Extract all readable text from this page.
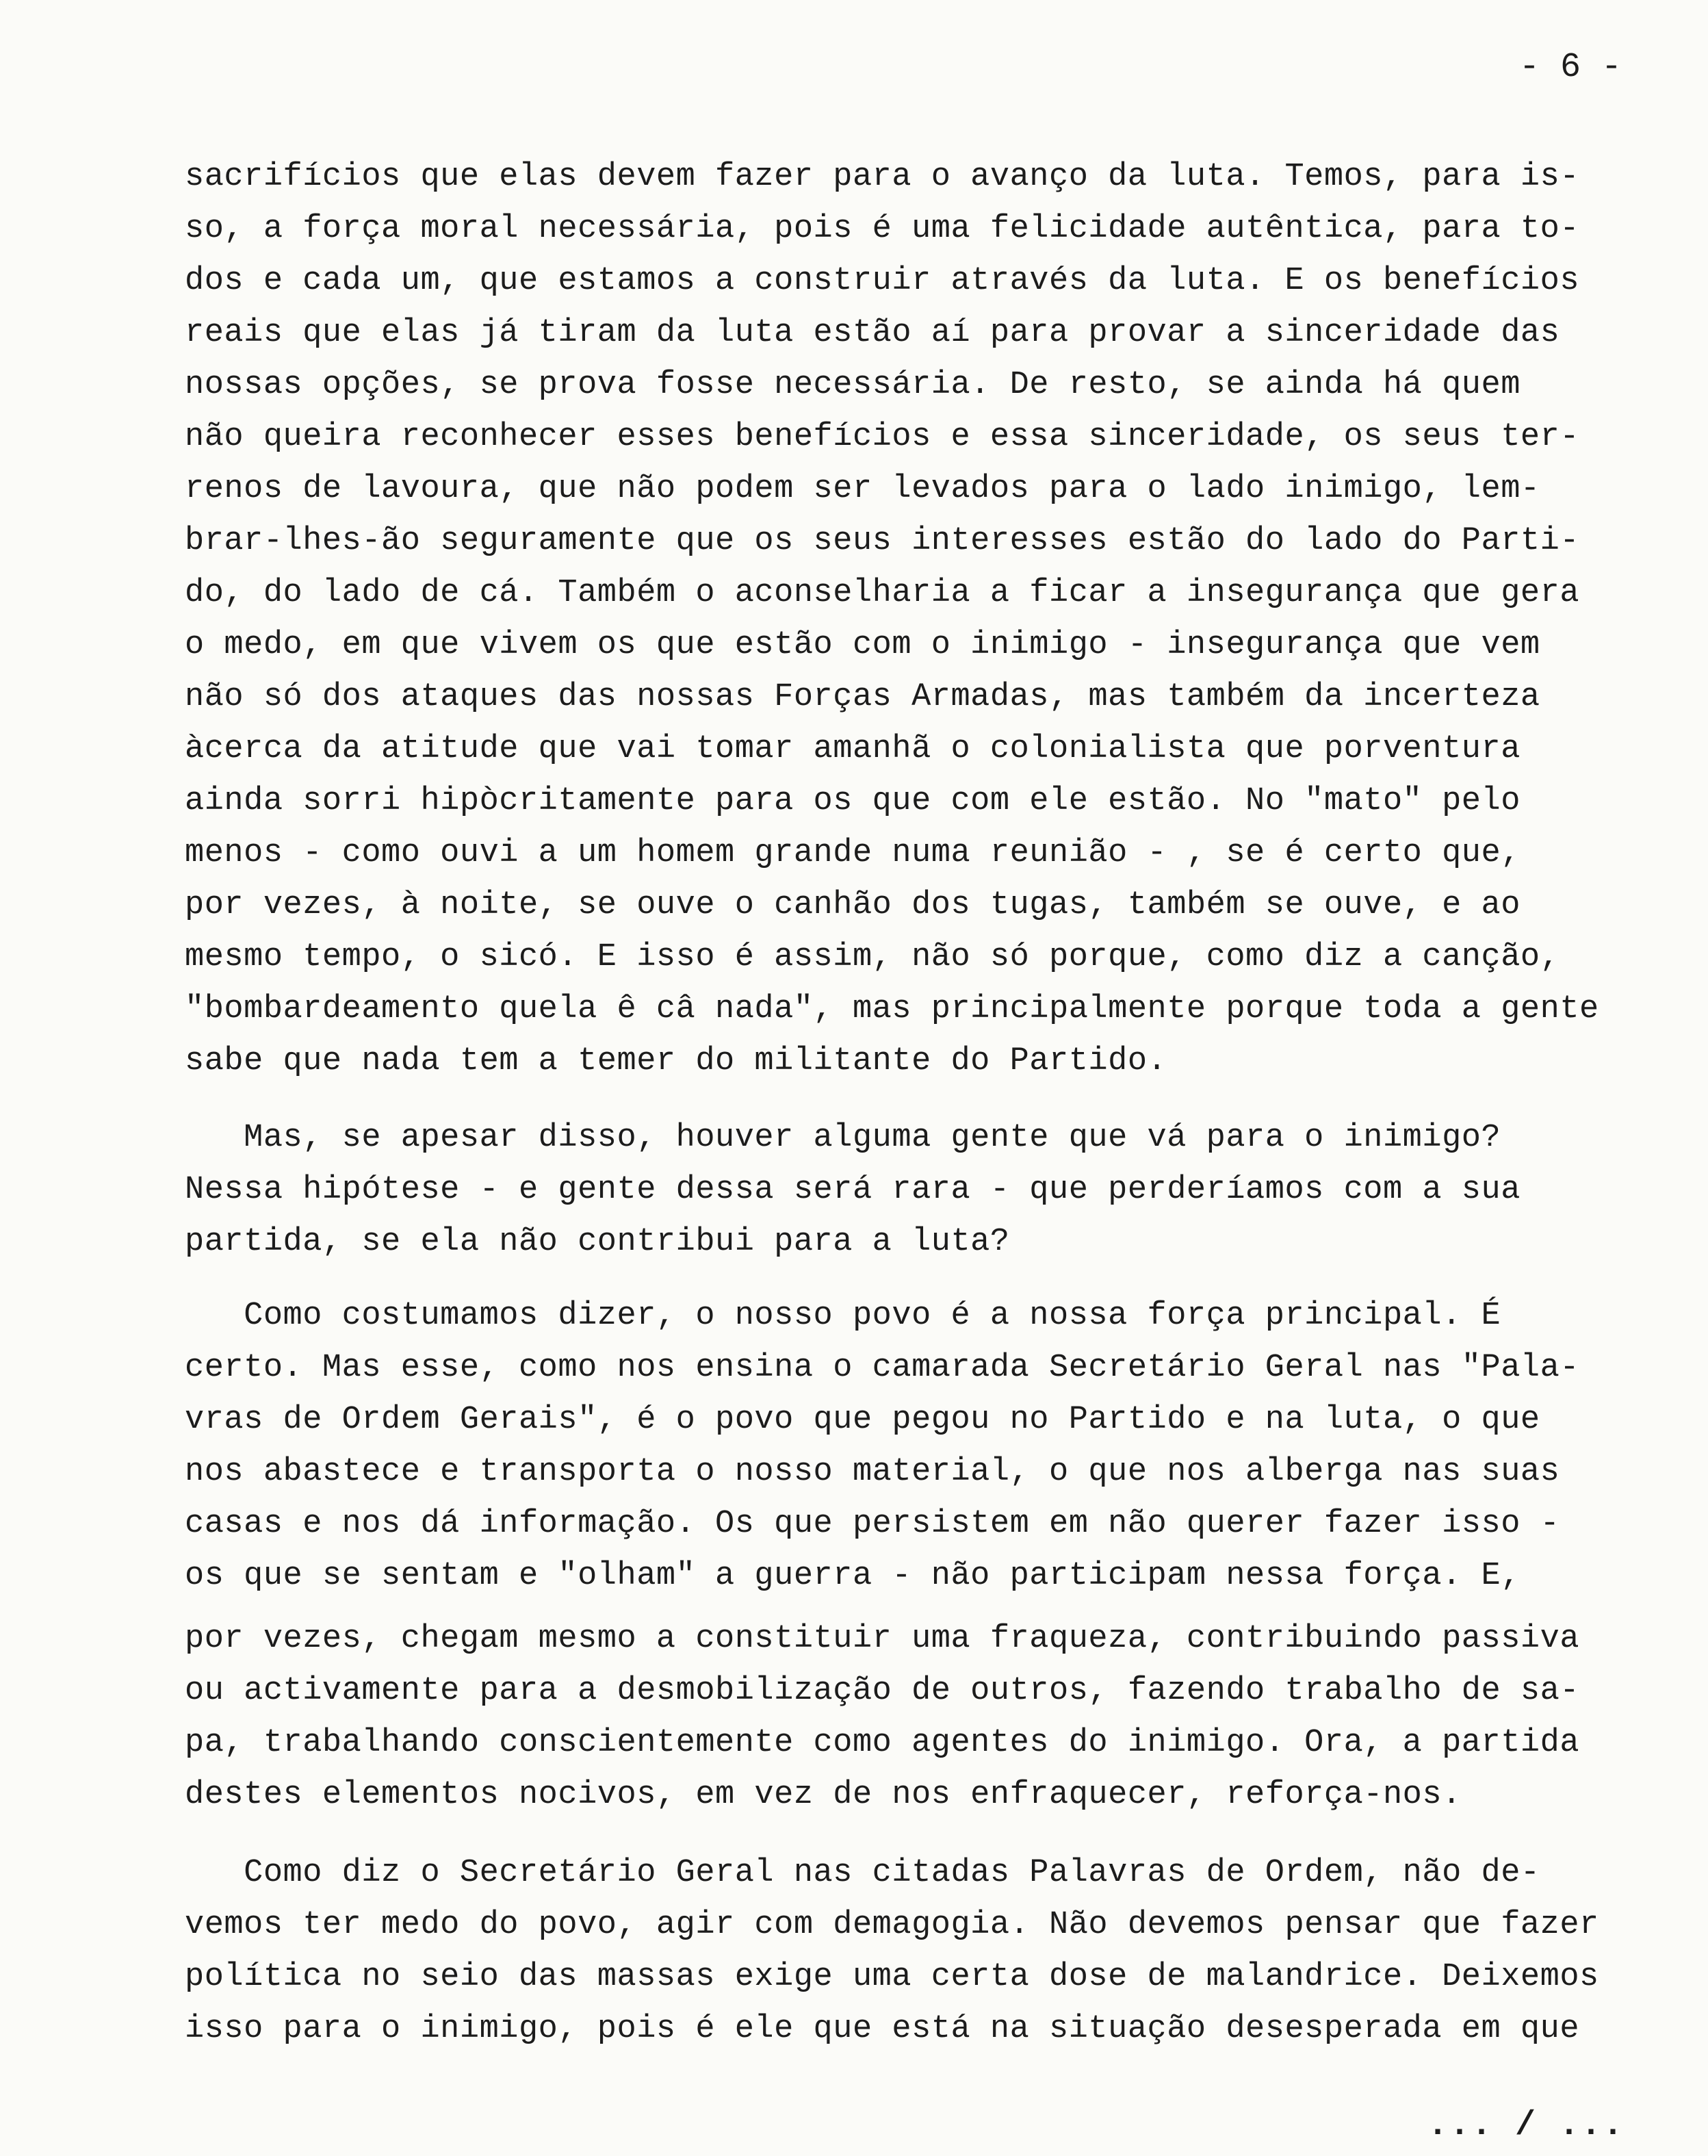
- 6 -
sacrifícios que elas devem fazer para o avanço da luta. Temos, para is-
so, a força moral necessária, pois é uma felicidade autêntica, para to-
dos e cada um, que estamos a construir através da luta. E os benefícios
reais que elas já tiram da luta estão aí para provar a sinceridade das
nossas opções, se prova fosse necessária. De resto, se ainda há quem
não queira reconhecer esses benefícios e essa sinceridade, os seus ter-
renos de lavoura, que não podem ser levados para o lado inimigo, lem-
brar-lhes-ão seguramente que os seus interesses estão do lado do Parti-
do, do lado de cá. Também o aconselharia a ficar a insegurança que gera
o medo, em que vivem os que estão com o inimigo - insegurança que vem
não só dos ataques das nossas Forças Armadas, mas também da incerteza
àcerca da atitude que vai tomar amanhã o colonialista que porventura
ainda sorri hipòcritamente para os que com ele estão. No "mato" pelo
menos - como ouvi a um homem grande numa reunião - , se é certo que,
por vezes, à noite, se ouve o canhão dos tugas, também se ouve, e ao
mesmo tempo, o sicó. E isso é assim, não só porque, como diz a canção,
"bombardeamento quela ê câ nada", mas principalmente porque toda a gente
sabe que nada tem a temer do militante do Partido.
Mas, se apesar disso, houver alguma gente que vá para o inimigo?
Nessa hipótese - e gente dessa será rara - que perderíamos com a sua
partida, se ela não contribui para a luta?
Como costumamos dizer, o nosso povo é a nossa força principal. É
certo. Mas esse, como nos ensina o camarada Secretário Geral nas "Pala-
vras de Ordem Gerais", é o povo que pegou no Partido e na luta, o que
nos abastece e transporta o nosso material, o que nos alberga nas suas
casas e nos dá informação. Os que persistem em não querer fazer isso -
os que se sentam e "olham" a guerra - não participam nessa força. E,
por vezes, chegam mesmo a constituir uma fraqueza, contribuindo passiva
ou activamente para a desmobilização de outros, fazendo trabalho de sa-
pa, trabalhando conscientemente como agentes do inimigo. Ora, a partida
destes elementos nocivos, em vez de nos enfraquecer, reforça-nos.
Como diz o Secretário Geral nas citadas Palavras de Ordem, não de-
vemos ter medo do povo, agir com demagogia. Não devemos pensar que fazer
política no seio das massas exige uma certa dose de malandrice. Deixemos
isso para o inimigo, pois é ele que está na situação desesperada em que
... / ...
